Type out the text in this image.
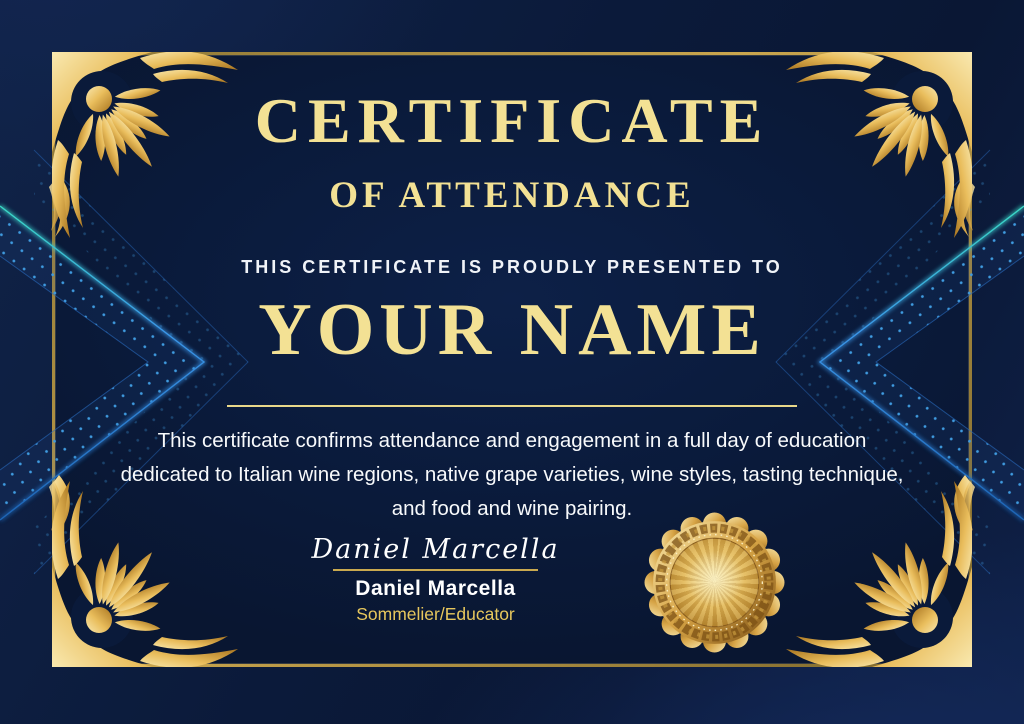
CERTIFICATE
OF ATTENDANCE
THIS CERTIFICATE IS PROUDLY PRESENTED TO
YOUR NAME
This certificate confirms attendance and engagement in a full day of education
dedicated to Italian wine regions, native grape varieties, wine styles, tasting technique,
and food and wine pairing.
Daniel Marcella
Daniel Marcella
Sommelier/Educator
